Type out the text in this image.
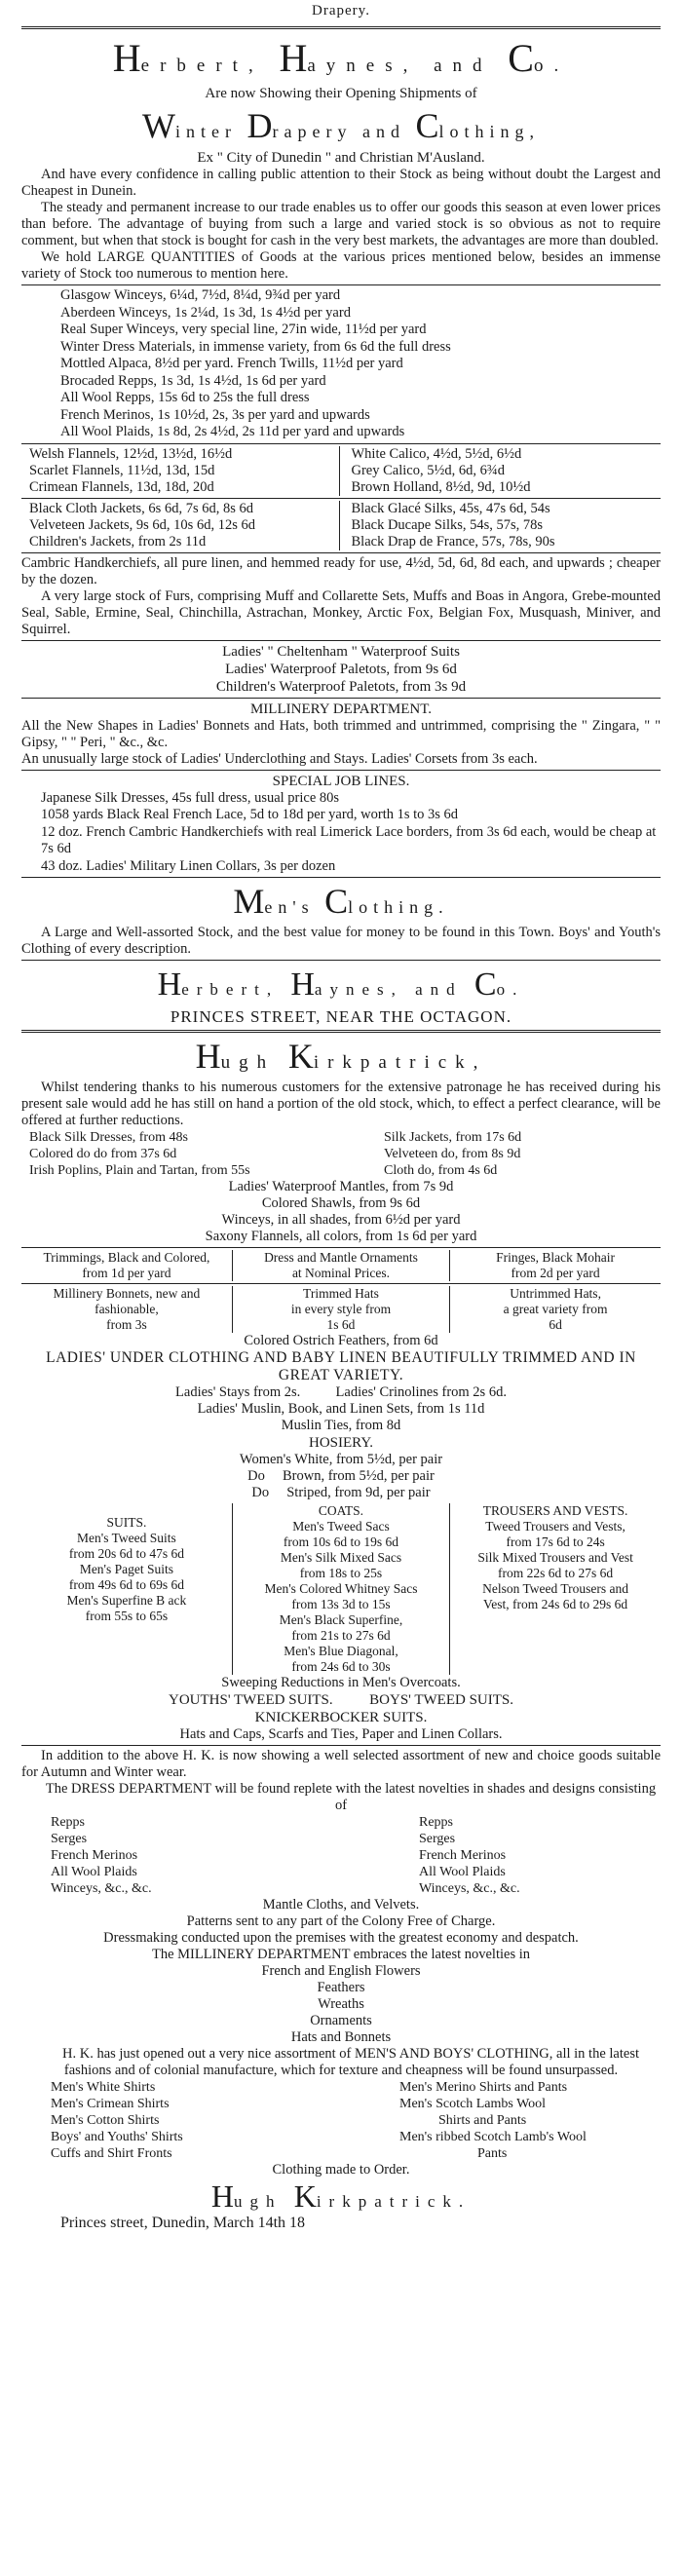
Drapery.
Herbert, Haynes, and Co.
Are now Showing their Opening Shipments of
Winter Drapery and Clothing,
Ex " City of Dunedin " and Christian M'Ausland.

And have every confidence in calling public attention to their Stock as being without doubt the Largest and Cheapest in Dunein.

The steady and permanent increase to our trade enables us to offer our goods this season at even lower prices than before. The advantage of buying from such a large and varied stock is so obvious as not to require comment, but when that stock is bought for cash in the very best markets, the advantages are more than doubled.

We hold LARGE QUANTITIES of Goods at the various prices mentioned below, besides an immense variety of Stock too numerous to mention here.

Glasgow Winceys, 6¼d, 7½d, 8¼d, 9¾d per yard
Aberdeen Winceys, 1s 2¼d, 1s 3d, 1s 4½d per yard
Real Super Winceys, very special line, 27in wide, 11½d per yard
Winter Dress Materials, in immense variety, from 6s 6d the full dress
Mottled Alpaca, 8½d per yard. French Twills, 11½d per yard
Brocaded Repps, 1s 3d, 1s 4½d, 1s 6d per yard
All Wool Repps, 15s 6d to 25s the full dress
French Merinos, 1s 10½d, 2s, 3s per yard and upwards
All Wool Plaids, 1s 8d, 2s 4½d, 2s 11d per yard and upwards
Welsh Flannels, 12½d, 13½d, 16½d
Scarlet Flannels, 11½d, 13d, 15d
Crimean Flannels, 13d, 18d, 20d
White Calico, 4½d, 5½d, 6½d
Grey Calico, 5½d, 6d, 6¾d
Brown Holland, 8½d, 9d, 10½d
Black Cloth Jackets, 6s 6d, 7s 6d, 8s 6d
Velveteen Jackets, 9s 6d, 10s 6d, 12s 6d
Children's Jackets, from 2s 11d
Black Glacé Silks, 45s, 47s 6d, 54s
Black Ducape Silks, 54s, 57s, 78s
Black Drap de France, 57s, 78s, 90s

Cambric Handkerchiefs, all pure linen, and hemmed ready for use, 4½d, 5d, 6d, 8d each, and upwards ; cheaper by the dozen.

A very large stock of Furs, comprising Muff and Collarette Sets, Muffs and Boas in Angora, Grebe-mounted Seal, Sable, Ermine, Seal, Chinchilla, Astrachan, Monkey, Arctic Fox, Belgian Fox, Musquash, Miniver, and Squirrel.

Ladies' " Cheltenham " Waterproof Suits
Ladies' Waterproof Paletots, from 9s 6d
Children's Waterproof Paletots, from 3s 9d
MILLINERY DEPARTMENT.

All the New Shapes in Ladies' Bonnets and Hats, both trimmed and untrimmed, comprising the " Zingara, " " Gipsy, " " Peri, " &c., &c.

An unusually large stock of Ladies' Underclothing and Stays. Ladies' Corsets from 3s each.

SPECIAL JOB LINES.
Japanese Silk Dresses, 45s full dress, usual price 80s
1058 yards Black Real French Lace, 5d to 18d per yard, worth 1s to 3s 6d
12 doz. French Cambric Handkerchiefs with real Limerick Lace borders, from 3s 6d each, would be cheap at 7s 6d
43 doz. Ladies' Military Linen Collars, 3s per dozen
Men's Clothing.

A Large and Well-assorted Stock, and the best value for money to be found in this Town. Boys' and Youth's Clothing of every description.

Herbert, Haynes, and Co.
PRINCES STREET, NEAR THE OCTAGON.
Hugh Kirkpatrick,

Whilst tendering thanks to his numerous customers for the extensive patronage he has received during his present sale would add he has still on hand a portion of the old stock, which, to effect a perfect clearance, will be offered at further reductions.

Black Silk Dresses, from 48s
Colored do do from 37s 6d
Irish Poplins, Plain and Tartan, from 55s
Silk Jackets, from 17s 6d
Velveteen do, from 8s 9d
Cloth do, from 4s 6d
Ladies' Waterproof Mantles, from 7s 9d
Colored Shawls, from 9s 6d
Winceys, in all shades, from 6½d per yard
Saxony Flannels, all colors, from 1s 6d per yard
Trimmings, Black and Colored,
from 1d per yard
Dress and Mantle Ornaments
at Nominal Prices.
Fringes, Black Mohair
from 2d per yard
Millinery Bonnets, new and
fashionable,
from 3s
Trimmed Hats
in every style from
1s 6d
Untrimmed Hats,
a great variety from
6d
Colored Ostrich Feathers, from 6d
LADIES' UNDER CLOTHING AND BABY LINEN BEAUTIFULLY TRIMMED AND IN GREAT VARIETY.
Ladies' Stays from 2s.          Ladies' Crinolines from 2s 6d.
Ladies' Muslin, Book, and Linen Sets, from 1s 11d
Muslin Ties, from 8d
HOSIERY.
Women's White, from 5½d, per pair
Do     Brown, from 5½d, per pair
Do     Striped, from 9d, per pair
SUITS.
Men's Tweed Suits
from 20s 6d to 47s 6d
Men's Paget Suits
from 49s 6d to 69s 6d
Men's Superfine B ack
from 55s to 65s
COATS.
Men's Tweed Sacs
from 10s 6d to 19s 6d
Men's Silk Mixed Sacs
from 18s to 25s
Men's Colored Whitney Sacs
from 13s 3d to 15s
Men's Black Superfine,
from 21s to 27s 6d
Men's Blue Diagonal,
from 24s 6d to 30s
TROUSERS AND VESTS.
Tweed Trousers and Vests,
from 17s 6d to 24s
Silk Mixed Trousers and Vest
from 22s 6d to 27s 6d
Nelson Tweed Trousers and
Vest, from 24s 6d to 29s 6d
Sweeping Reductions in Men's Overcoats.
YOUTHS' TWEED SUITS.          BOYS' TWEED SUITS.
KNICKERBOCKER SUITS.
Hats and Caps, Scarfs and Ties, Paper and Linen Collars.

In addition to the above H. K. is now showing a well selected assortment of new and choice goods suitable for Autumn and Winter wear.

The DRESS DEPARTMENT will be found replete with the latest novelties in shades and designs consisting of

Repps
Serges
French Merinos
All Wool Plaids
Winceys, &c., &c.
Repps
Serges
French Merinos
All Wool Plaids
Winceys, &c., &c.
Mantle Cloths, and Velvets.
Patterns sent to any part of the Colony Free of Charge.
Dressmaking conducted upon the premises with the greatest economy and despatch.
The MILLINERY DEPARTMENT embraces the latest novelties in
French and English Flowers
Feathers
Wreaths
Ornaments
Hats and Bonnets

H. K. has just opened out a very nice assortment of MEN'S AND BOYS' CLOTHING, all in the latest fashions and of colonial manufacture, which for texture and cheapness will be found unsurpassed.

Men's White Shirts
Men's Crimean Shirts
Men's Cotton Shirts
Boys' and Youths' Shirts
Cuffs and Shirt Fronts
Men's Merino Shirts and Pants
Men's Scotch Lambs Wool
Shirts and Pants
Men's ribbed Scotch Lamb's Wool
Pants
Clothing made to Order.
Hugh Kirkpatrick.
Princes street, Dunedin, March 14th 18
